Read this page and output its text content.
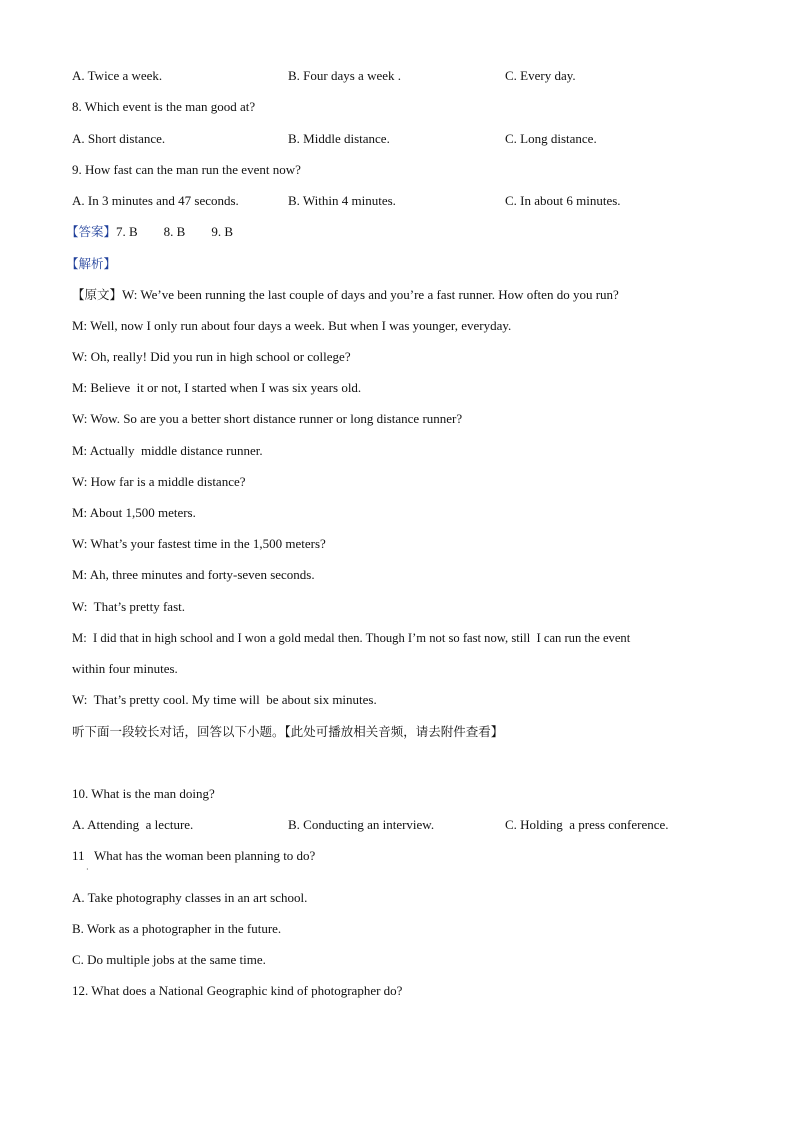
A. Twice a week.	B. Four days a week .	C. Every day.
8. Which event is the man good at?
A. Short distance.	B. Middle distance.	C. Long distance.
9. How fast can the man run the event now?
A. In 3 minutes and 47 seconds.	B. Within 4 minutes.	C. In about 6 minutes.
【答案】7. B        8. B        9. B
【解析】
【原文】W: We’ve been running the last couple of days and you’re a fast runner. How often do you run?
M: Well, now I only run about four days a week. But when I was younger, everyday.
W: Oh, really! Did you run in high school or college?
M: Believe  it or not, I started when I was six years old.
W: Wow. So are you a better short distance runner or long distance runner?
M: Actually  middle distance runner.
W: How far is a middle distance?
M: About 1,500 meters.
W: What’s your fastest time in the 1,500 meters?
M: Ah, three minutes and forty-seven seconds.
W:  That’s pretty fast.
M:  I did that in high school and I won a gold medal then. Though I’m not so fast now, still  I can run the event
within four minutes.
W:  That’s pretty cool. My time will  be about six minutes.
听下面一段较长对话，回答以下小题。【此处可播放相关音频，请去附件查看】
10. What is the man doing?
A. Attending  a lecture.	B. Conducting an interview.	C. Holding  a press conference.
11   What has the woman been planning to do?
·
A. Take photography classes in an art school.
B. Work as a photographer in the future.
C. Do multiple jobs at the same time.
12. What does a National Geographic kind of photographer do?
